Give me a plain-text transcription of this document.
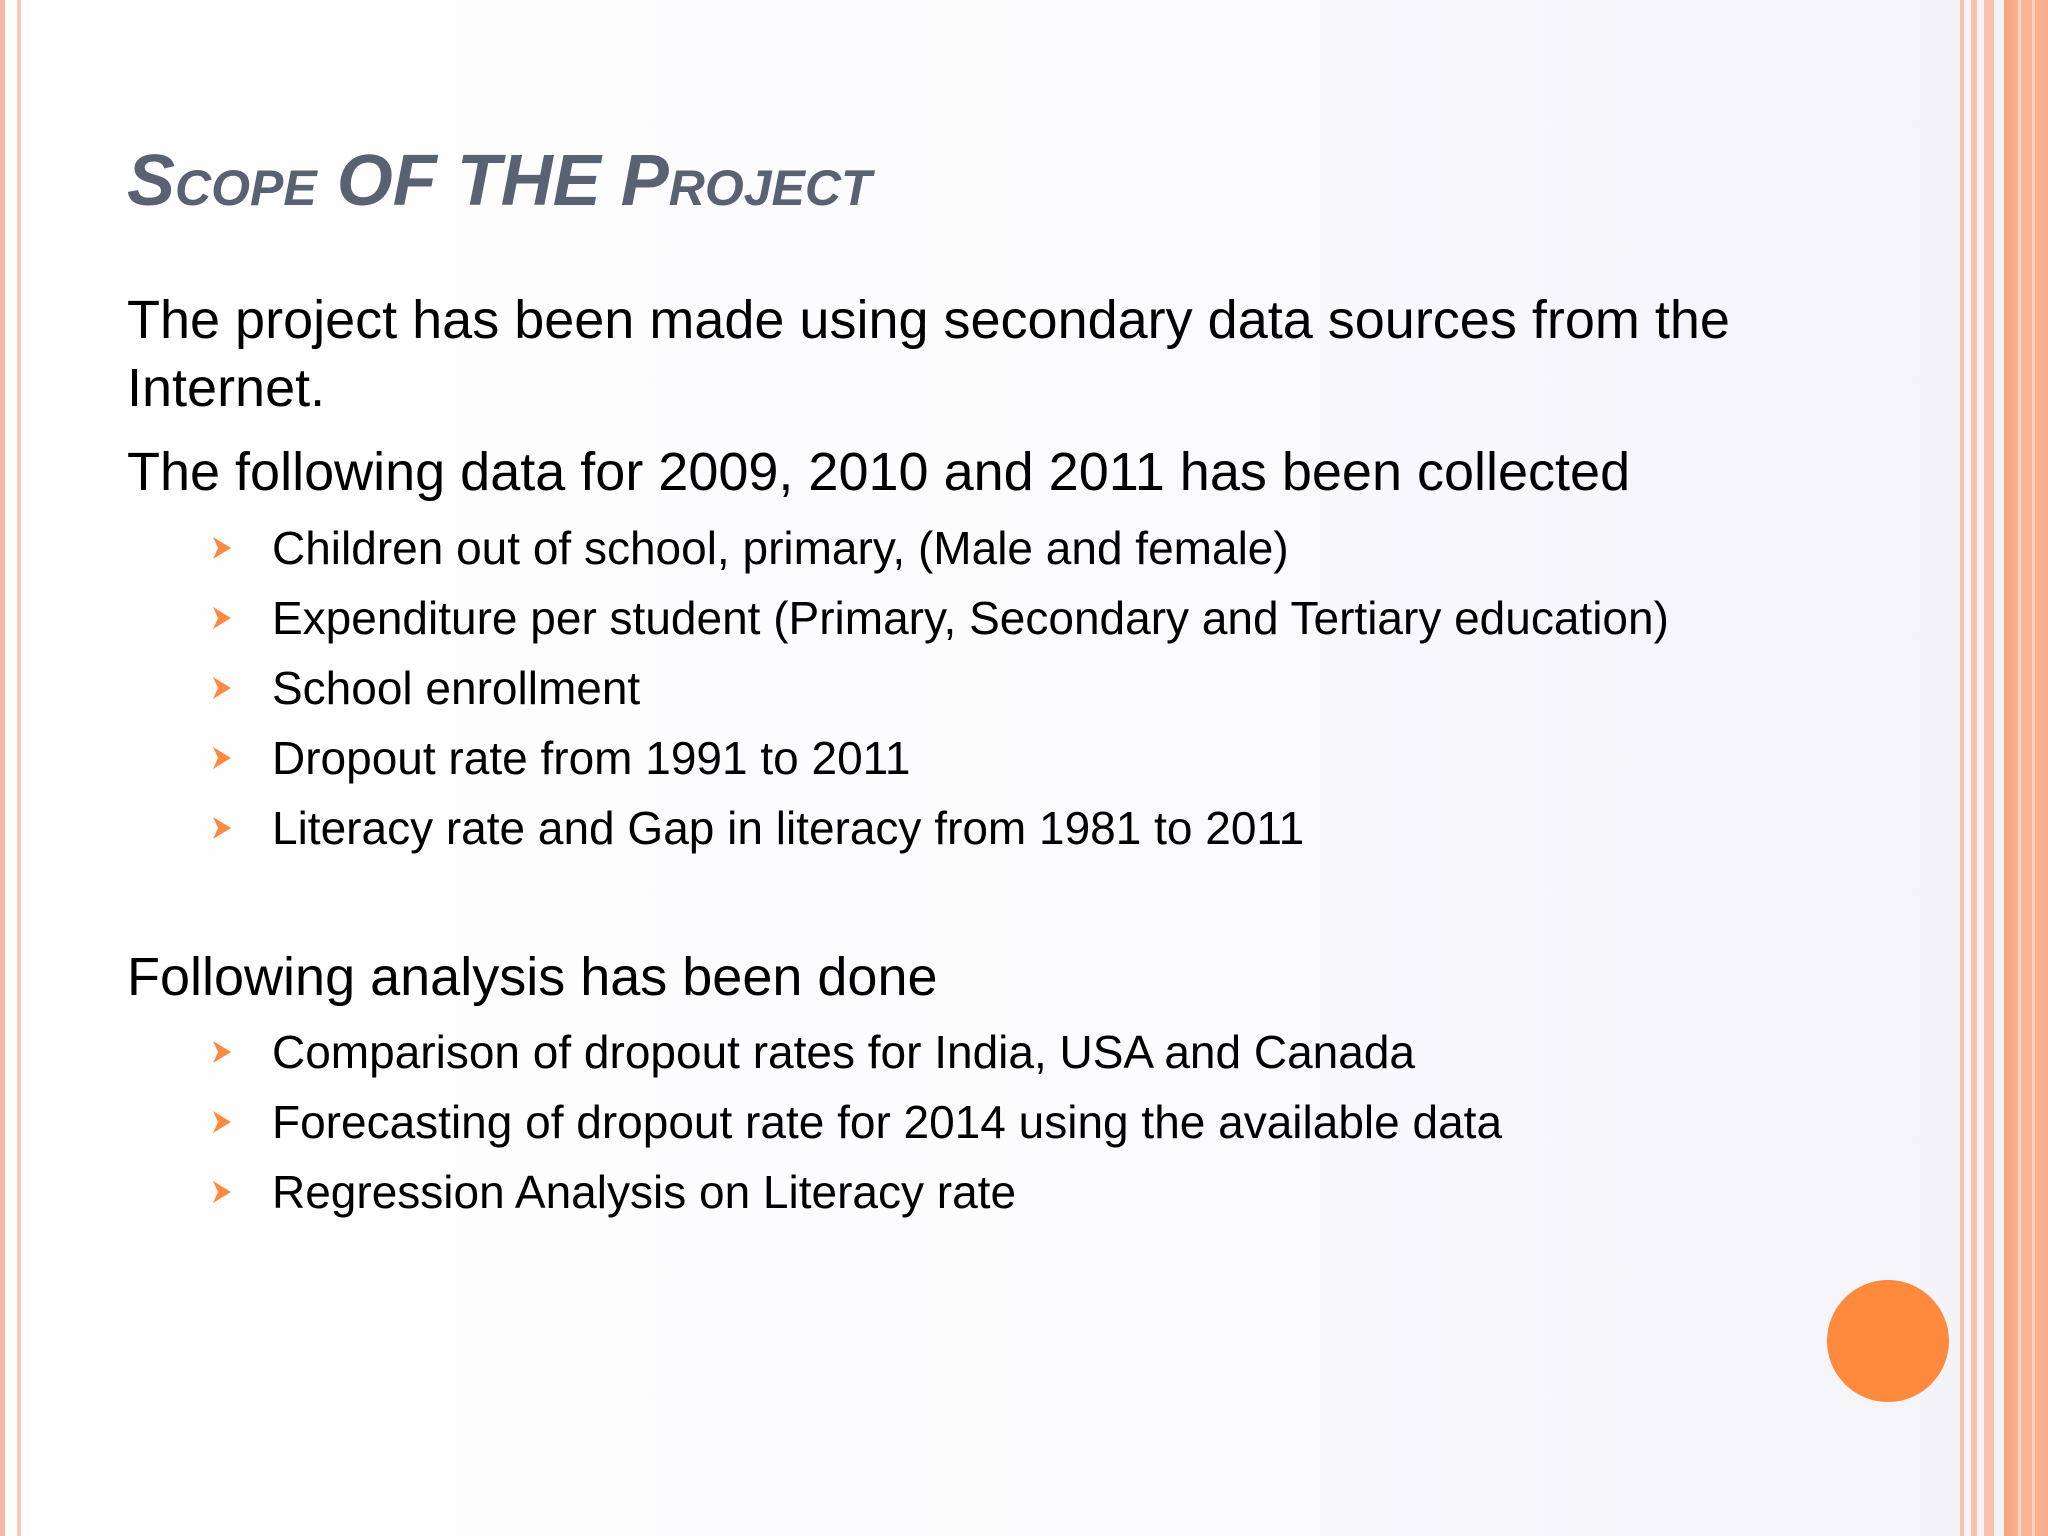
Scope OF THE Project

The project has been made using secondary data sources from the Internet.

The following data for 2009, 2010 and 2011 has been collected

Children out of school, primary, (Male and female)
Expenditure per student (Primary, Secondary and Tertiary education)
School enrollment
Dropout rate from 1991 to 2011
Literacy rate and Gap in literacy from 1981 to 2011

Following analysis has been done

Comparison of dropout rates for India, USA and Canada
Forecasting of dropout rate for 2014 using the available data
Regression Analysis on Literacy rate
